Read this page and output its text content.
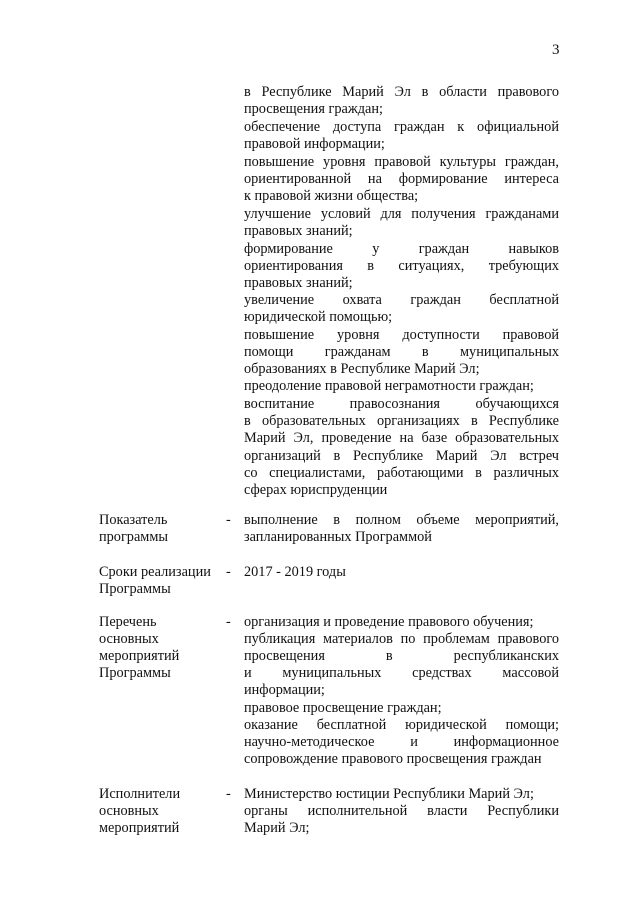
3
в Республике Марий Эл в области правового
просвещения граждан;
обеспечение доступа граждан к официальной
правовой информации;
повышение уровня правовой культуры граждан,
ориентированной на формирование интереса
к правовой жизни общества;
улучшение условий для получения гражданами
правовых знаний;
формирование у граждан навыков
ориентирования в ситуациях, требующих
правовых знаний;
увеличение охвата граждан бесплатной
юридической помощью;
повышение уровня доступности правовой
помощи гражданам в муниципальных
образованиях в Республике Марий Эл;
преодоление правовой неграмотности граждан;
воспитание правосознания обучающихся
в образовательных организациях в Республике
Марий Эл, проведение на базе образовательных
организаций в Республике Марий Эл встреч
со специалистами, работающими в различных
сферах юриспруденции
Показатель
программы
- выполнение в полном объеме мероприятий,
запланированных Программой
Сроки реализации
Программы
- 2017 - 2019 годы
Перечень
основных
мероприятий
Программы
- организация и проведение правового обучения;
публикация материалов по проблемам правового
просвещения в республиканских
и муниципальных средствах массовой
информации;
правовое просвещение граждан;
оказание бесплатной юридической помощи;
научно-методическое и информационное
сопровождение правового просвещения граждан
Исполнители
основных
мероприятий
- Министерство юстиции Республики Марий Эл;
органы исполнительной власти Республики
Марий Эл;
